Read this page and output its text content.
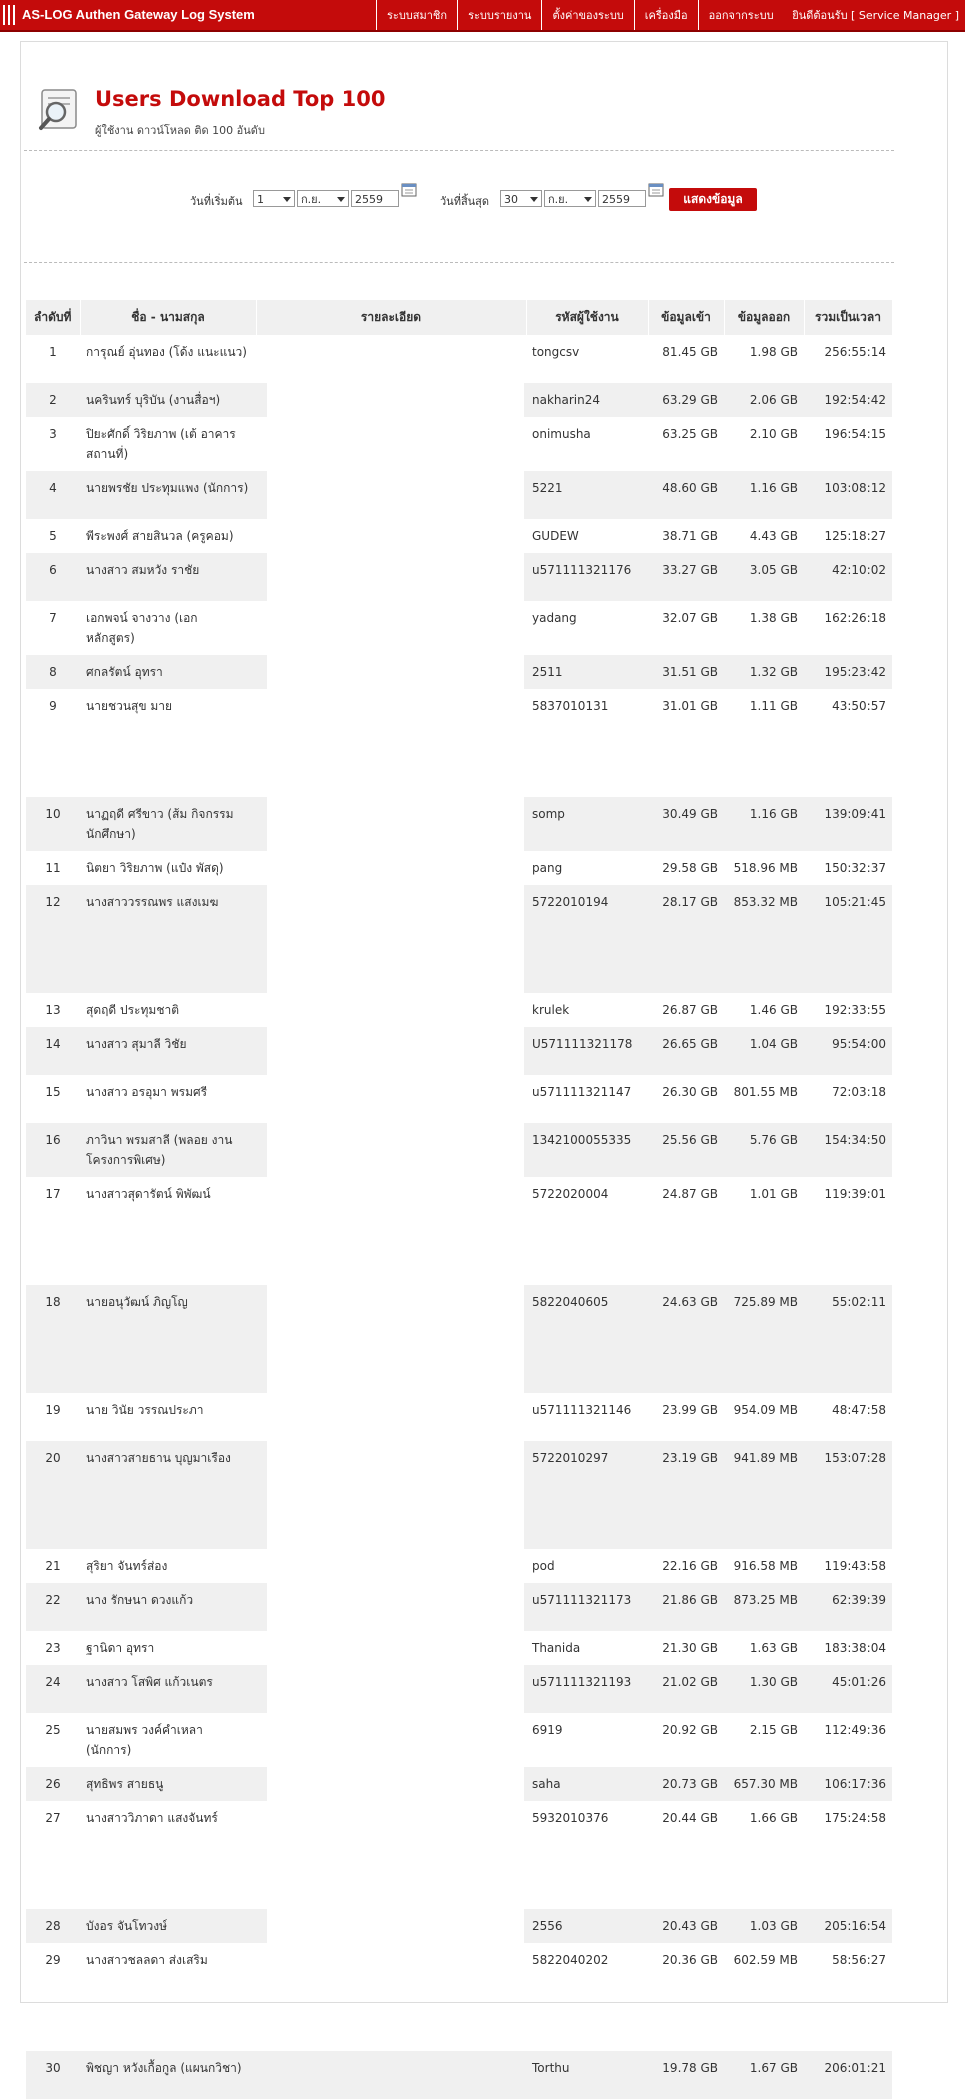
AS-LOG Authen Gateway Log System	ระบบสมาชิก	ระบบรายงาน	ตั้งค่าของระบบ	เครื่องมือ	ออกจากระบบ	ยินดีต้อนรับ [ Service Manager ]
Users Download Top 100
ผู้ใช้งาน ดาวน์โหลด ติด 100 อันดับ
วันที่เริ่มต้น	1	ก.ย.	2559	วันที่สิ้นสุด	30	ก.ย.	2559	แสดงข้อมูล
ลำดับที่	ชื่อ - นามสกุล	รายละเอียด	รหัสผู้ใช้งาน	ข้อมูลเข้า	ข้อมูลออก	รวมเป็นเวลา
1	การุณย์ อุ่นทอง (โด้ง แนะแนว)		tongcsv	81.45 GB	1.98 GB	256:55:14
2	นครินทร์ บุริบัน (งานสื่อฯ)		nakharin24	63.29 GB	2.06 GB	192:54:42
3	ปิยะศักดิ์ วิริยภาพ (เต้ อาคารสถานที่)		onimusha	63.25 GB	2.10 GB	196:54:15
4	นายพรชัย ประทุมแพง (นักการ)		5221	48.60 GB	1.16 GB	103:08:12
5	พีระพงศ์ สายสินวล (ครูคอม)		GUDEW	38.71 GB	4.43 GB	125:18:27
6	นางสาว สมหวัง ราชัย		u571111321176	33.27 GB	3.05 GB	42:10:02
7	เอกพจน์ จางวาง (เอก หลักสูตร)		yadang	32.07 GB	1.38 GB	162:26:18
8	ศกลรัตน์ อุทรา		2511	31.51 GB	1.32 GB	195:23:42
9	นายชวนสุข มาย		5837010131	31.01 GB	1.11 GB	43:50:57
10	นาฏฤดี ศรีขาว (ส้ม กิจกรรมนักศึกษา)		somp	30.49 GB	1.16 GB	139:09:41
11	นิตยา วิริยภาพ (แป๋ง พัสดุ)		pang	29.58 GB	518.96 MB	150:32:37
12	นางสาววรรณพร แสงเมฆ		5722010194	28.17 GB	853.32 MB	105:21:45
13	สุดฤดี ประทุมชาติ		krulek	26.87 GB	1.46 GB	192:33:55
14	นางสาว สุมาลี วิชัย		U571111321178	26.65 GB	1.04 GB	95:54:00
15	นางสาว อรอุมา พรมศรี		u571111321147	26.30 GB	801.55 MB	72:03:18
16	ภาวินา พรมสาลี (พลอย งานโครงการพิเศษ)		1342100055335	25.56 GB	5.76 GB	154:34:50
17	นางสาวสุดารัตน์ พิพัฒน์		5722020004	24.87 GB	1.01 GB	119:39:01
18	นายอนุวัฒน์ ภิญโญ		5822040605	24.63 GB	725.89 MB	55:02:11
19	นาย วินัย วรรณประภา		u571111321146	23.99 GB	954.09 MB	48:47:58
20	นางสาวสายธาน บุญมาเรือง		5722010297	23.19 GB	941.89 MB	153:07:28
21	สุริยา จันทร์ส่อง		pod	22.16 GB	916.58 MB	119:43:58
22	นาง รักษนา ดวงแก้ว		u571111321173	21.86 GB	873.25 MB	62:39:39
23	ฐานิดา อุทรา		Thanida	21.30 GB	1.63 GB	183:38:04
24	นางสาว โสพิศ แก้วเนตร		u571111321193	21.02 GB	1.30 GB	45:01:26
25	นายสมพร วงค์คำเหลา (นักการ)		6919	20.92 GB	2.15 GB	112:49:36
26	สุทธิพร สายธนู		saha	20.73 GB	657.30 MB	106:17:36
27	นางสาววิภาดา แสงจันทร์		5932010376	20.44 GB	1.66 GB	175:24:58
28	บังอร จันโทวงษ์		2556	20.43 GB	1.03 GB	205:16:54
29	นางสาวชลลดา ส่งเสริม		5822040202	20.36 GB	602.59 MB	58:56:27
30	พิชญา หวังเกื้อกูล (แผนกวิชา)		Torthu	19.78 GB	1.67 GB	206:01:21
